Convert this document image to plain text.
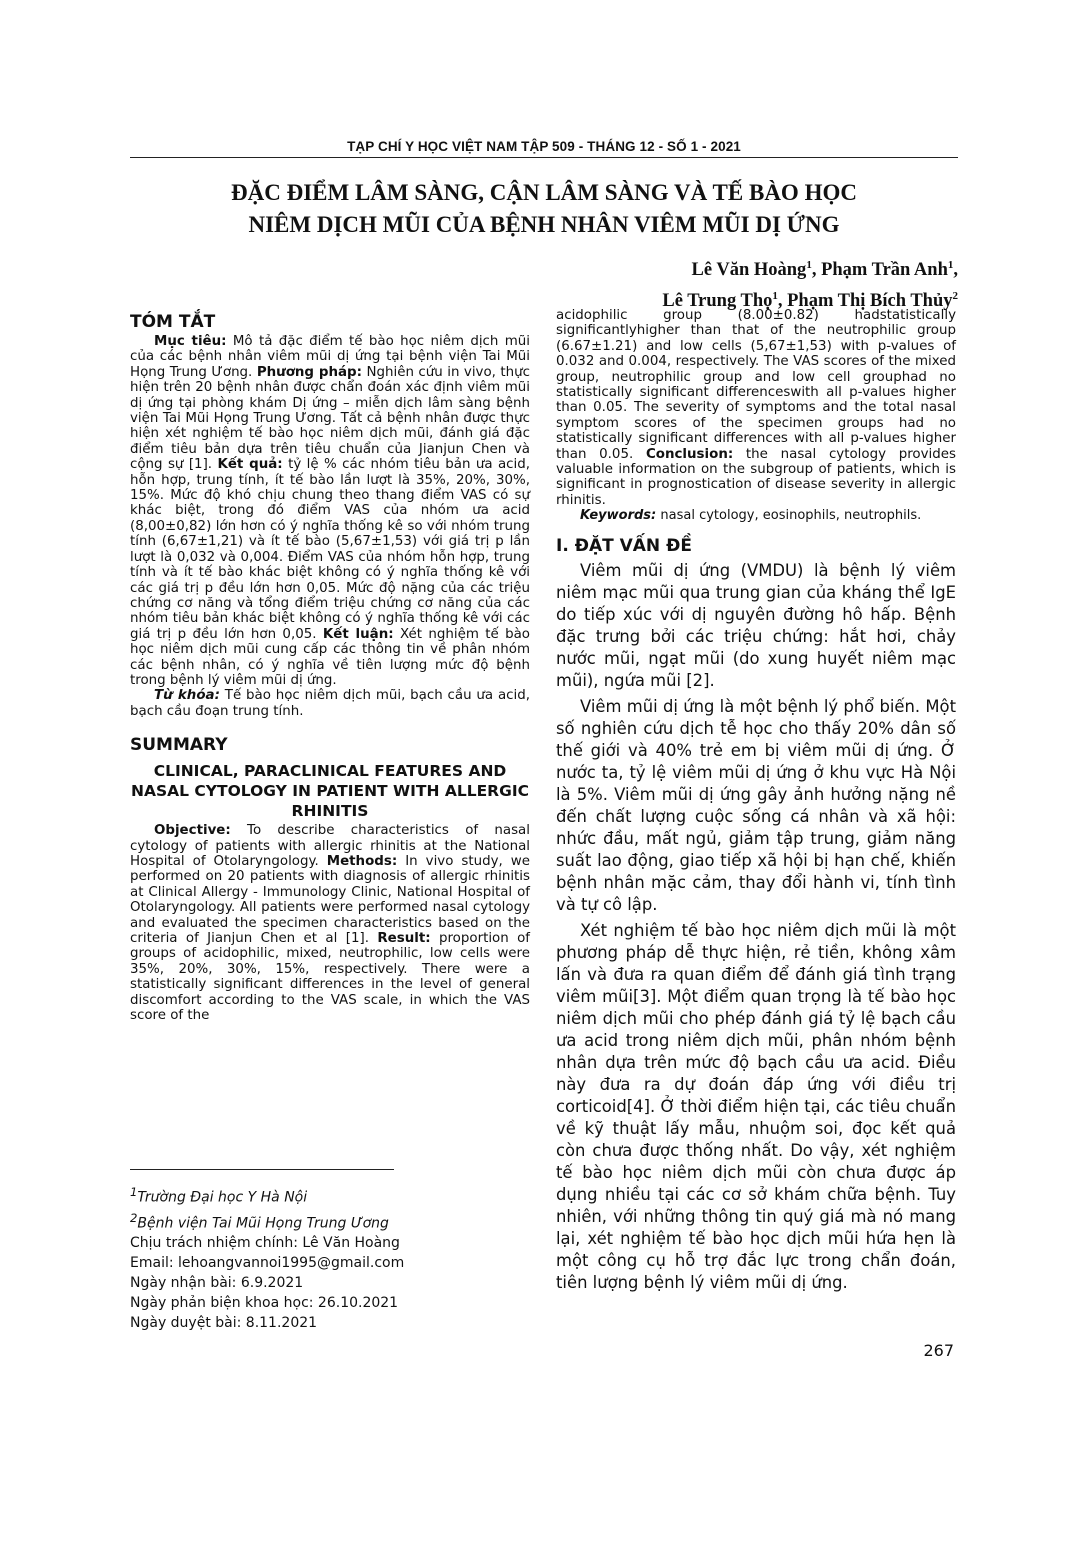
TẠP CHÍ Y HỌC VIỆT NAM TẬP 509 - THÁNG 12 - SỐ 1 - 2021
ĐẶC ĐIỂM LÂM SÀNG, CẬN LÂM SÀNG VÀ TẾ BÀO HỌC
NIÊM DỊCH MŨI CỦA BỆNH NHÂN VIÊM MŨI DỊ ỨNG
Lê Văn Hoàng$^1$, Phạm Trần Anh$^1$,
Lê Trung Thọ$^1$, Phạm Thị Bích Thủy$^2$
TÓM TẮT

Mục tiêu: Mô tả đặc điểm tế bào học niêm dịch mũi của các bệnh nhân viêm mũi dị ứng tại bệnh viện Tai Mũi Họng Trung Ương. Phương pháp: Nghiên cứu in vivo, thực hiện trên 20 bệnh nhân được chẩn đoán xác định viêm mũi dị ứng tại phòng khám Dị ứng – miễn dịch lâm sàng bệnh viện Tai Mũi Họng Trung Ương. Tất cả bệnh nhân được thực hiện xét nghiệm tế bào học niêm dịch mũi, đánh giá đặc điểm tiêu bản dựa trên tiêu chuẩn của Jianjun Chen và cộng sự [1]. Kết quả: tỷ lệ % các nhóm tiêu bản ưa acid, hỗn hợp, trung tính, ít tế bào lần lượt là 35%, 20%, 30%, 15%. Mức độ khó chịu chung theo thang điểm VAS có sự khác biệt, trong đó điểm VAS của nhóm ưa acid (8,00±0,82) lớn hơn có ý nghĩa thống kê so với nhóm trung tính (6,67±1,21) và ít tế bào (5,67±1,53) với giá trị p lần lượt là 0,032 và 0,004. Điểm VAS của nhóm hỗn hợp, trung tính và ít tế bào khác biệt không có ý nghĩa thống kê với các giá trị p đều lớn hơn 0,05. Mức độ nặng của các triệu chứng cơ năng và tổng điểm triệu chứng cơ năng của các nhóm tiêu bản khác biệt không có ý nghĩa thống kê với các giá trị p đều lớn hơn 0,05. Kết luận: Xét nghiệm tế bào học niêm dịch mũi cung cấp các thông tin về phân nhóm các bệnh nhân, có ý nghĩa về tiên lượng mức độ bệnh trong bệnh lý viêm mũi dị ứng.

Từ khóa: Tế bào học niêm dịch mũi, bạch cầu ưa acid, bạch cầu đoạn trung tính.

SUMMARY
CLINICAL, PARACLINICAL FEATURES AND NASAL CYTOLOGY IN PATIENT WITH ALLERGIC RHINITIS

Objective: To describe characteristics of nasal cytology of patients with allergic rhinitis at the National Hospital of Otolaryngology. Methods: In vivo study, we performed on 20 patients with diagnosis of allergic rhinitis at Clinical Allergy - Immunology Clinic, National Hospital of Otolaryngology. All patients were performed nasal cytology and evaluated the specimen characteristics based on the criteria of Jianjun Chen et al [1]. Result: proportion of groups of acidophilic, mixed, neutrophilic, low cells were 35%, 20%, 30%, 15%, respectively. There were a statistically significant differences in the level of general discomfort according to the VAS scale, in which the VAS score of the

$^1$Trường Đại học Y Hà Nội
$^2$Bệnh viện Tai Mũi Họng Trung Ương
Chịu trách nhiệm chính: Lê Văn Hoàng
Email: lehoangvannoi1995@gmail.com
Ngày nhận bài: 6.9.2021
Ngày phản biện khoa học: 26.10.2021
Ngày duyệt bài: 8.11.2021

acidophilic group (8.00±0.82) hadstatistically significantlyhigher than that of the neutrophilic group (6.67±1.21) and low cells (5,67±1,53) with p-values of 0.032 and 0.004, respectively. The VAS scores of the mixed group, neutrophilic group and low cell grouphad no statistically significant differenceswith all p-values higher than 0.05. The severity of symptoms and the total nasal symptom scores of the specimen groups had no statistically significant differences with all p-values higher than 0.05. Conclusion: the nasal cytology provides valuable information on the subgroup of patients, which is significant in prognostication of disease severity in allergic rhinitis.

Keywords: nasal cytology, eosinophils, neutrophils.

I. ĐẶT VẤN ĐỀ

Viêm mũi dị ứng (VMDU) là bệnh lý viêm niêm mạc mũi qua trung gian của kháng thể IgE do tiếp xúc với dị nguyên đường hô hấp. Bệnh đặc trưng bởi các triệu chứng: hắt hơi, chảy nước mũi, ngạt mũi (do xung huyết niêm mạc mũi), ngứa mũi [2].

Viêm mũi dị ứng là một bệnh lý phổ biến. Một số nghiên cứu dịch tễ học cho thấy 20% dân số thế giới và 40% trẻ em bị viêm mũi dị ứng. Ở nước ta, tỷ lệ viêm mũi dị ứng ở khu vực Hà Nội là 5%. Viêm mũi dị ứng gây ảnh hưởng nặng nề đến chất lượng cuộc sống cá nhân và xã hội: nhức đầu, mất ngủ, giảm tập trung, giảm năng suất lao động, giao tiếp xã hội bị hạn chế, khiến bệnh nhân mặc cảm, thay đổi hành vi, tính tình và tự cô lập.

Xét nghiệm tế bào học niêm dịch mũi là một phương pháp dễ thực hiện, rẻ tiền, không xâm lấn và đưa ra quan điểm để đánh giá tình trạng viêm mũi[3]. Một điểm quan trọng là tế bào học niêm dịch mũi cho phép đánh giá tỷ lệ bạch cầu ưa acid trong niêm dịch mũi, phân nhóm bệnh nhân dựa trên mức độ bạch cầu ưa acid. Điều này đưa ra dự đoán đáp ứng với điều trị corticoid[4]. Ở thời điểm hiện tại, các tiêu chuẩn về kỹ thuật lấy mẫu, nhuộm soi, đọc kết quả còn chưa được thống nhất. Do vậy, xét nghiệm tế bào học niêm dịch mũi còn chưa được áp dụng nhiều tại các cơ sở khám chữa bệnh. Tuy nhiên, với những thông tin quý giá mà nó mang lại, xét nghiệm tế bào học dịch mũi hứa hẹn là một công cụ hỗ trợ đắc lực trong chẩn đoán, tiên lượng bệnh lý viêm mũi dị ứng.

267
